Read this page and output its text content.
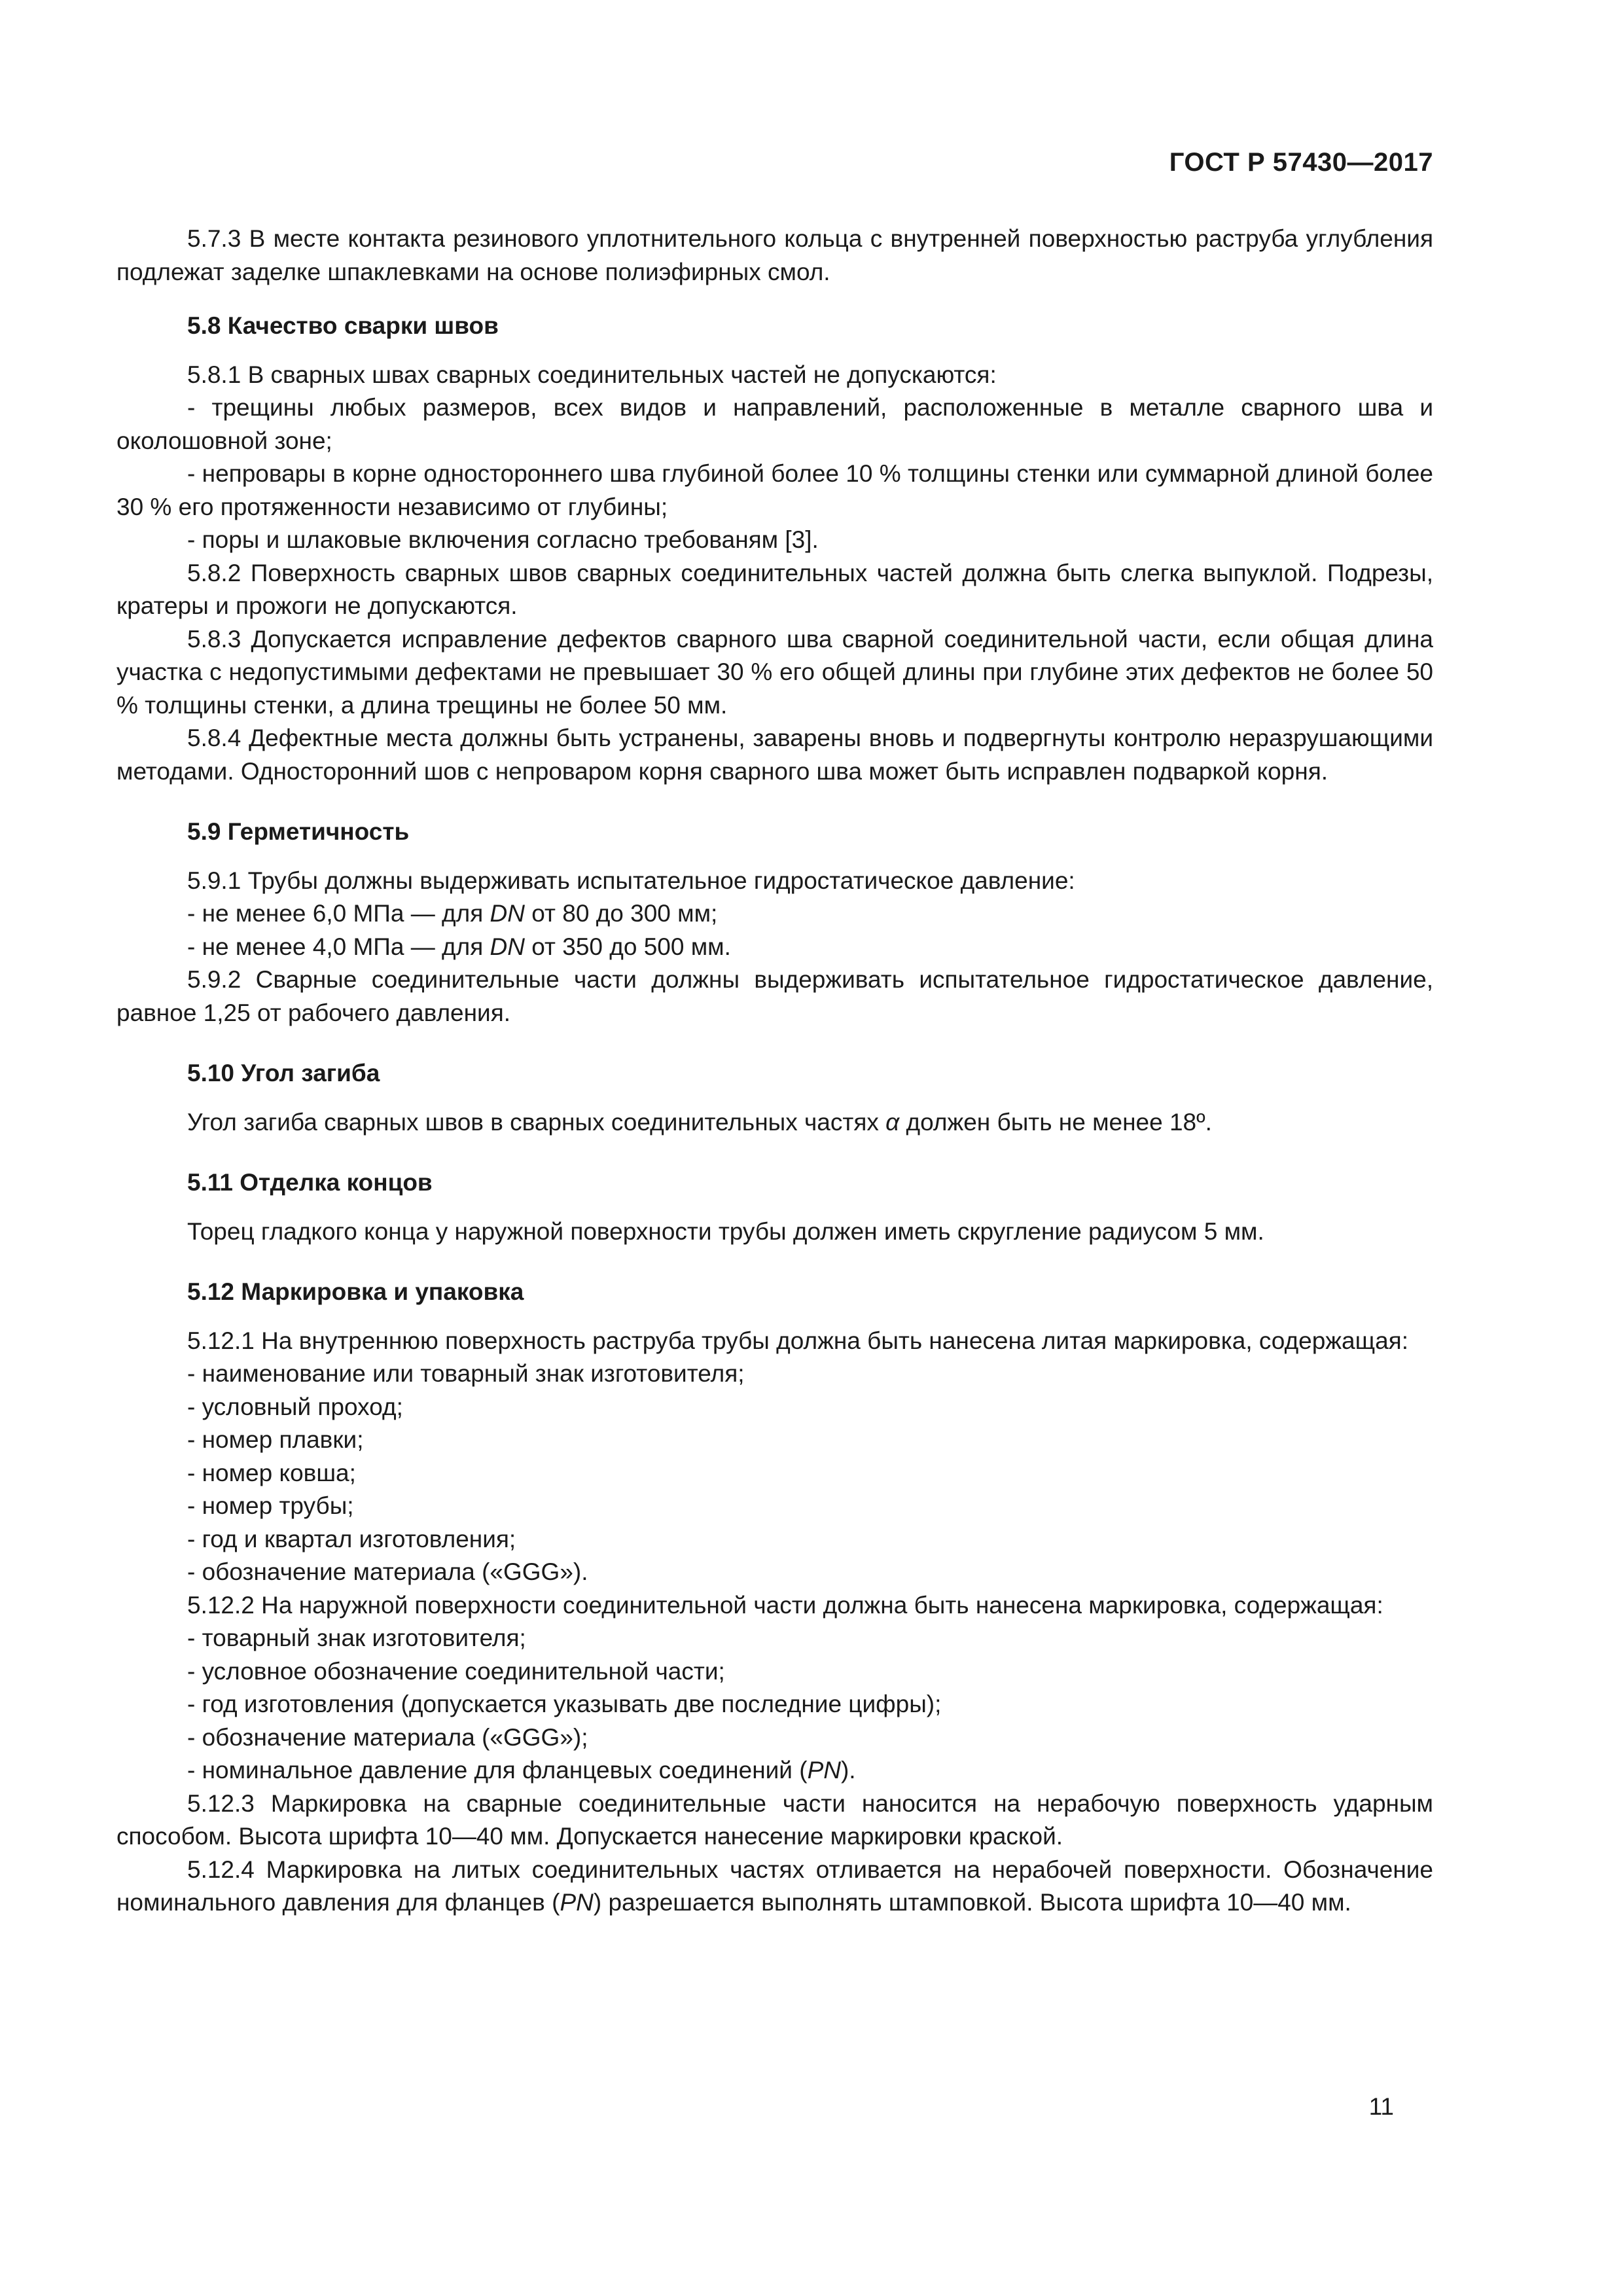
ГОСТ Р 57430—2017

5.7.3 В месте контакта резинового уплотнительного кольца с внутренней поверхностью раструба углубления подлежат заделке шпаклевками на основе полиэфирных смол.

5.8 Качество сварки швов

5.8.1 В сварных швах сварных соединительных частей не допускаются:

- трещины любых размеров, всех видов и направлений, расположенные в металле сварного шва и околошовной зоне;

- непровары в корне одностороннего шва глубиной более 10 % толщины стенки или суммарной длиной более 30 % его протяженности независимо от глубины;

- поры и шлаковые включения согласно требованям [3].

5.8.2 Поверхность сварных швов сварных соединительных частей должна быть слегка выпуклой. Подрезы, кратеры и прожоги не допускаются.

5.8.3 Допускается исправление дефектов сварного шва сварной соединительной части, если общая длина участка с недопустимыми дефектами не превышает 30 % его общей длины при глубине этих дефектов не более 50 % толщины стенки, а длина трещины не более 50 мм.

5.8.4 Дефектные места должны быть устранены, заварены вновь и подвергнуты контролю неразрушающими методами. Односторонний шов с непроваром корня сварного шва может быть исправлен подваркой корня.

5.9 Герметичность

5.9.1 Трубы должны выдерживать испытательное гидростатическое давление:

- не менее 6,0 МПа — для DN от 80 до 300 мм;

- не менее 4,0 МПа — для DN от 350 до 500 мм.

5.9.2 Сварные соединительные части должны выдерживать испытательное гидростатическое давление, равное 1,25 от рабочего давления.

5.10 Угол загиба

Угол загиба сварных швов в сварных соединительных частях α должен быть не менее 18º.

5.11 Отделка концов

Торец гладкого конца у наружной поверхности трубы должен иметь скругление радиусом 5 мм.

5.12 Маркировка и упаковка

5.12.1 На внутреннюю поверхность раструба трубы должна быть нанесена литая маркировка, содержащая:

- наименование или товарный знак изготовителя;

- условный проход;

- номер плавки;

- номер ковша;

- номер трубы;

- год и квартал изготовления;

- обозначение материала («GGG»).

5.12.2 На наружной поверхности соединительной части должна быть нанесена маркировка, содержащая:

- товарный знак изготовителя;

- условное обозначение соединительной части;

- год изготовления (допускается указывать две последние цифры);

- обозначение материала («GGG»);

- номинальное давление для фланцевых соединений (PN).

5.12.3 Маркировка на сварные соединительные части наносится на нерабочую поверхность ударным способом. Высота шрифта 10—40 мм. Допускается нанесение маркировки краской.

5.12.4 Маркировка на литых соединительных частях отливается на нерабочей поверхности. Обозначение номинального давления для фланцев (PN) разрешается выполнять штамповкой. Высота шрифта 10—40 мм.

11
